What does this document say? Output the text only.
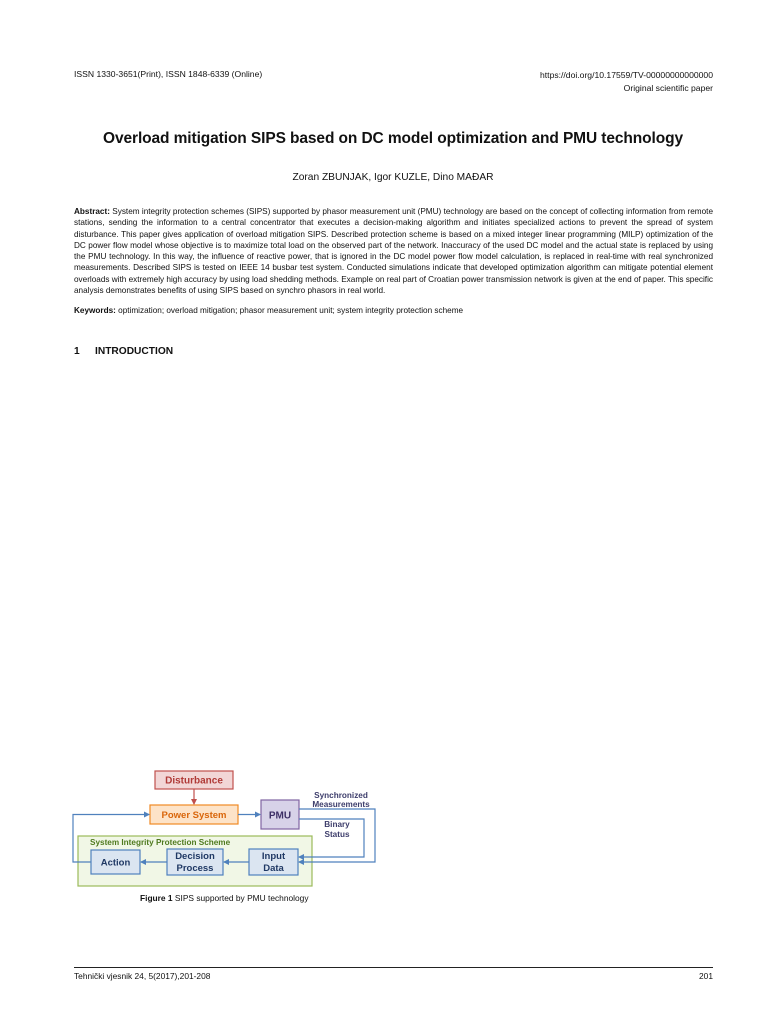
ISSN 1330-3651(Print), ISSN 1848-6339 (Online)	https://doi.org/10.17559/TV-00000000000000
Original scientific paper
Overload mitigation SIPS based on DC model optimization and PMU technology
Zoran ZBUNJAK, Igor KUZLE, Dino MAĐAR
Abstract: System integrity protection schemes (SIPS) supported by phasor measurement unit (PMU) technology are based on the concept of collecting information from remote stations, sending the information to a central concentrator that executes a decision-making algorithm and initiates specialized actions to prevent the spread of system disturbance. This paper gives application of overload mitigation SIPS. Described protection scheme is based on a mixed integer linear programming (MILP) optimization of the DC power flow model whose objective is to maximize total load on the observed part of the network. Inaccuracy of the used DC model and the actual state is replaced by using the PMU technology. In this way, the influence of reactive power, that is ignored in the DC model power flow model calculation, is replaced in real-time with real synchronized measurements. Described SIPS is tested on IEEE 14 busbar test system. Conducted simulations indicate that developed optimization algorithm can mitigate potential element overloads with extremely high accuracy by using load shedding methods. Example on real part of Croatian power transmission network is given at the end of paper. This specific analysis demonstrates benefits of using SIPS based on synchro phasors in real world.
Keywords: optimization; overload mitigation; phasor measurement unit; system integrity protection scheme
1 INTRODUCTION
System Integrity Protection Scheme
Disturbance
Power System	PMU
Action
Decision
Process
Input
Data
Synchronized
Measurements
Binary
Status
Figure 1 SIPS supported by PMU technology
Tehnički vjesnik 24, 5(2017),201-208	201
